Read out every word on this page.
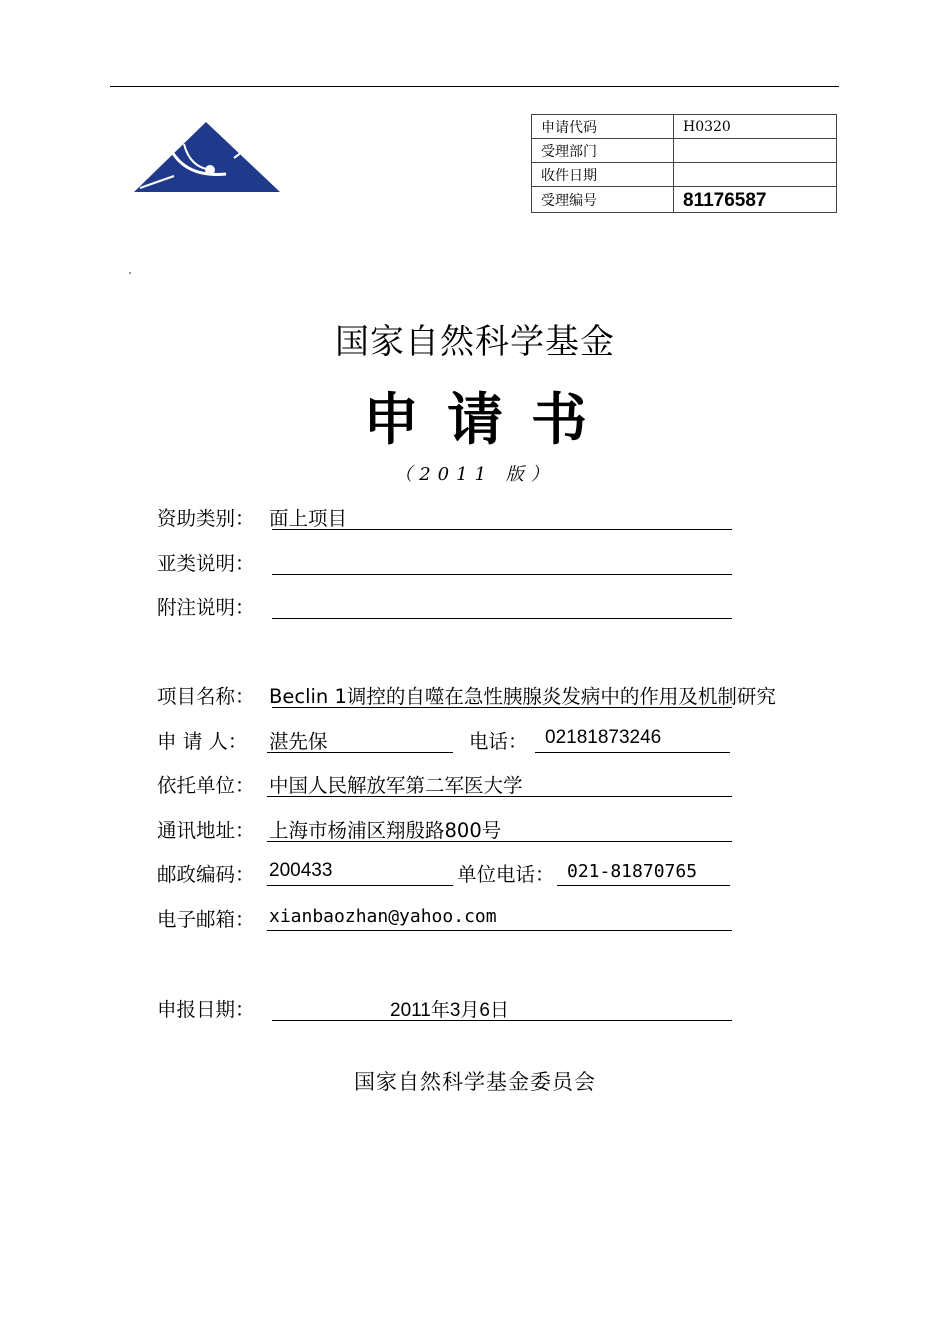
申请代码	H0320
受理部门	
收件日期	
受理编号	81176587
国家自然科学基金
申请书
（2011 版）
资助类别： 面上项目
亚类说明：
附注说明：
项目名称： Beclin 1调控的自噬在急性胰腺炎发病中的作用及机制研究
申 请 人： 湛先保	电话： 02181873246
依托单位： 中国人民解放军第二军医大学
通讯地址： 上海市杨浦区翔殷路800号
邮政编码： 200433	单位电话： 021-81870765
电子邮箱： xianbaozhan@yahoo.com
申报日期：	2011年3月6日
国家自然科学基金委员会
